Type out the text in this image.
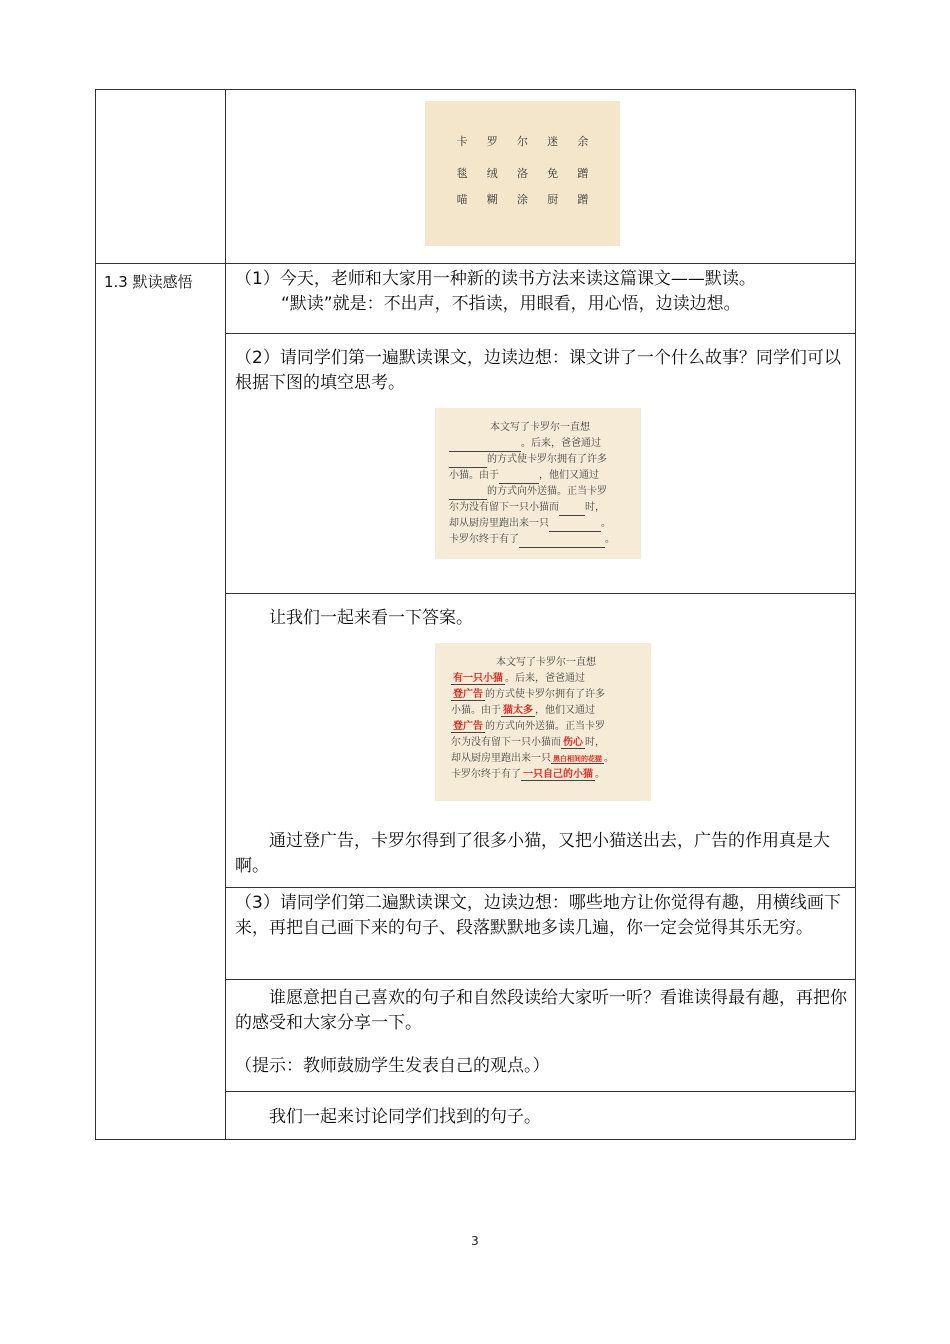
卡 罗 尔 迷 余
毯 绒 洛 免 蹭
喵 糊 涂 厨 蹭
1.3 默读感悟 （1）今天，老师和大家用一种新的读书方法来读这篇课文——默读。

“默读”就是：不出声，不指读，用眼看，用心悟，边读边想。

（2）请同学们第一遍默读课文，边读边想：课文讲了一个什么故事？同学们可以根据下图的填空思考。

本文写了卡罗尔一直想
。后来，爸爸通过
的方式使卡罗尔拥有了许多
小猫。由于	，他们又通过
的方式向外送猫。正当卡罗
尔为没有留下一只小猫而	时，
却从厨房里跑出来一只	。
卡罗尔终于有了	。

让我们一起来看一下答案。

本文写了卡罗尔一直想
有一只小猫 。后来，爸爸通过
登广告 的方式使卡罗尔拥有了许多
小猫。由于 猫太多 ，他们又通过
登广告 的方式向外送猫。正当卡罗
尔为没有留下一只小猫而 伤心 时，
却从厨房里跑出来一只 黑白相间的花猫 。
卡罗尔终于有了 一只自己的小猫 。

通过登广告，卡罗尔得到了很多小猫，又把小猫送出去，广告的作用真是大啊。

（3）请同学们第二遍默读课文，边读边想：哪些地方让你觉得有趣，用横线画下来，再把自己画下来的句子、段落默默地多读几遍，你一定会觉得其乐无穷。

谁愿意把自己喜欢的句子和自然段读给大家听一听？看谁读得最有趣，再把你的感受和大家分享一下。

（提示：教师鼓励学生发表自己的观点。）

我们一起来讨论同学们找到的句子。

3
